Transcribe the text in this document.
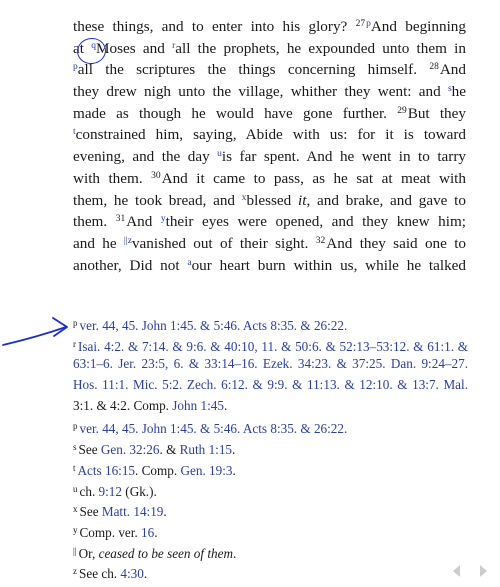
these things, and to enter into his glory? $^{27p}$And beginning
at $^q$Moses and $^r$all the prophets, he expounded unto them in
$^p$all the scriptures the things concerning himself. $^{28}$And
they drew nigh unto the village, whither they went: and $^s$he
made as though he would have gone further. $^{29}$But they
$^t$constrained him, saying, Abide with us: for it is toward
evening, and the day $^u$is far spent. And he went in to tarry
with them. $^{30}$And it came to pass, as he sat at meat with
them, he took bread, and $^x$blessed it, and brake, and gave to
them. $^{31}$And $^y$their eyes were opened, and they knew him;
and he $^{||z}$vanished out of their sight. $^{32}$And they said one to
another, Did not $^a$our heart burn within us, while he talked
$^p$ ver. 44, 45. John 1:45. & 5:46. Acts 8:35. & 26:22.
$^r$ Isai. 4:2. & 7:14. & 9:6. & 40:10, 11. & 50:6. & 52:13–53:12. & 61:1. &
63:1–6. Jer. 23:5, 6. & 33:14–16. Ezek. 34:23. & 37:25. Dan. 9:24–27.
Hos. 11:1. Mic. 5:2. Zech. 6:12. & 9:9. & 11:13. & 12:10. & 13:7. Mal.
3:1. & 4:2. Comp. John 1:45.
$^p$ ver. 44, 45. John 1:45. & 5:46. Acts 8:35. & 26:22.
$^s$ See Gen. 32:26. & Ruth 1:15.
$^t$ Acts 16:15. Comp. Gen. 19:3.
$^u$ ch. 9:12 (Gk.).
$^x$ See Matt. 14:19.
$^y$ Comp. ver. 16.
|| Or, ceased to be seen of them.
$^z$ See ch. 4:30.
